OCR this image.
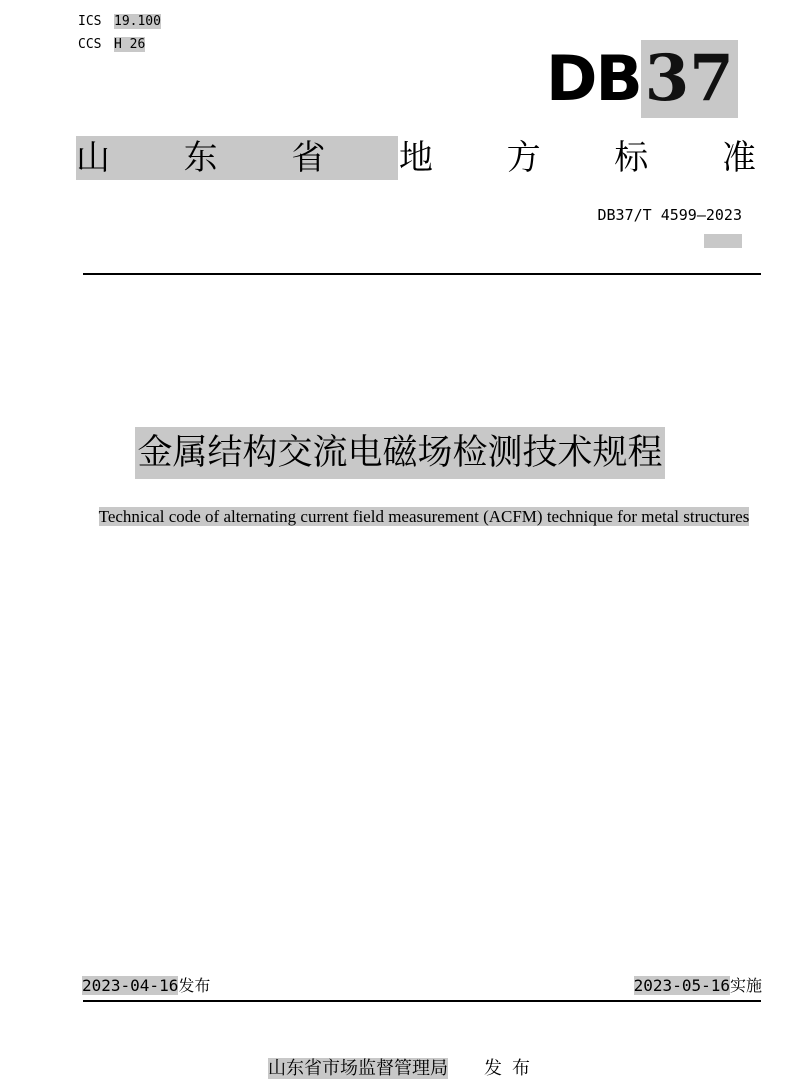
ICS 19.100
CCS H 26	DB37
山 东 省 地 方 标 准
DB37/T 4599—2023
金属结构交流电磁场检测技术规程
Technical code of alternating current field measurement (ACFM) technique for metal structures
2023-04-16发布	2023-05-16实施
山东省市场监督管理局 发布
